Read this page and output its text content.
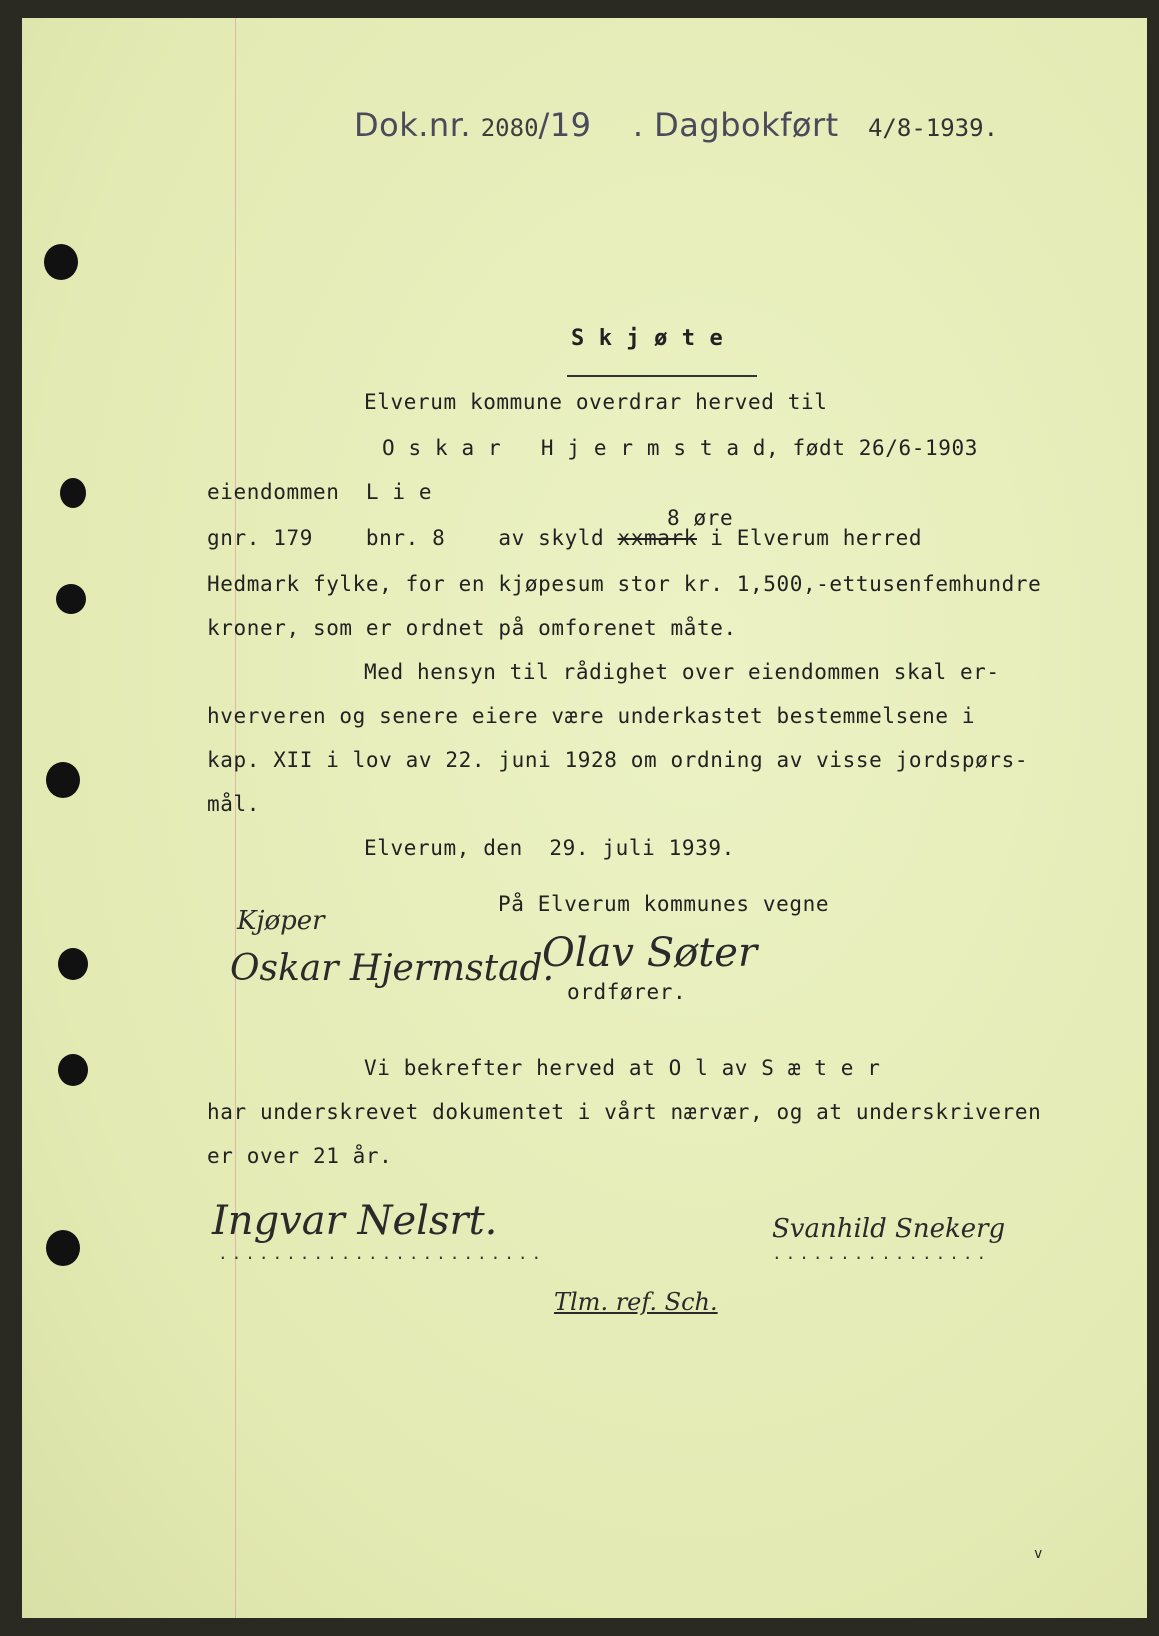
Dok.nr. 2080/19 . Dagbokført 4/8-1939.
S k j ø t e
Elverum kommune overdrar herved til
O s k a r   H j e r m s t a d, født 26/6-1903
eiendommen  L i e
8 øre
gnr. 179    bnr. 8    av skyld xxmark i Elverum herred
Hedmark fylke, for en kjøpesum stor kr. 1,500,-ettusenfemhundre
kroner, som er ordnet på omforenet måte.
Med hensyn til rådighet over eiendommen skal er-
hververen og senere eiere være underkastet bestemmelsene i
kap. XII i lov av 22. juni 1928 om ordning av visse jordspørs-
mål.
Elverum, den  29. juli 1939.
På Elverum kommunes vegne
Kjøper
Oskar Hjermstad.
Olav Søter
ordfører.
Vi bekrefter herved at O l av S æ t e r
har underskrevet dokumentet i vårt nærvær, og at underskriveren
er over 21 år.
Ingvar Nelsrt.
........................
Svanhild Snekerg
................
Tlm. ref. Sch.
v
